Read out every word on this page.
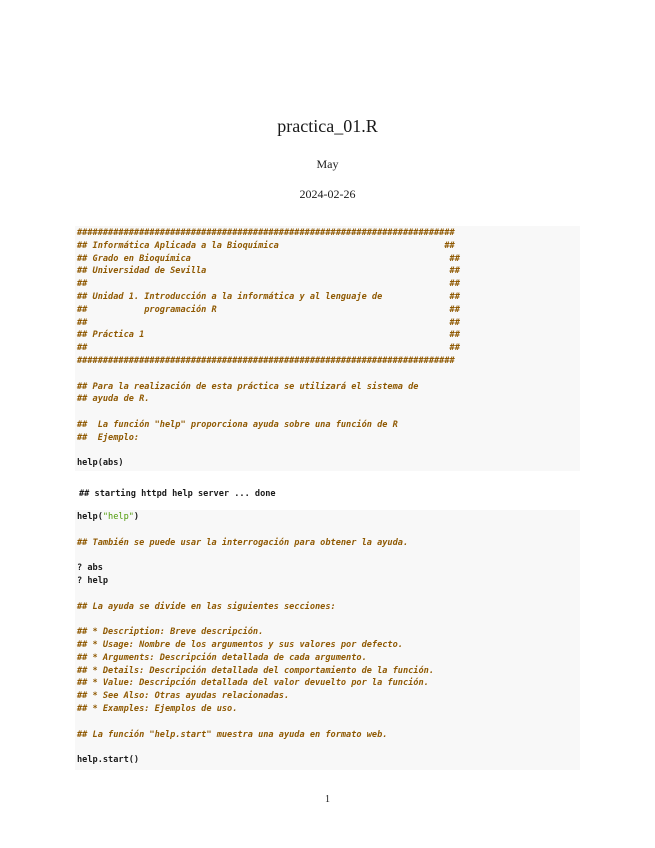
practica_01.R
May
2024-02-26
#########################################################################
## Informática Aplicada a la Bioquímica                                ##
## Grado en Bioquímica                                                  ##
## Universidad de Sevilla                                               ##
##                                                                      ##
## Unidad 1. Introducción a la informática y al lenguaje de             ##
##           programación R                                             ##
##                                                                      ##
## Práctica 1                                                           ##
##                                                                      ##
#########################################################################
## Para la realización de esta práctica se utilizará el sistema de
## ayuda de R.
##  La función "help" proporciona ayuda sobre una función de R
##  Ejemplo:
help(abs)
## starting httpd help server ... done
help("help")
## También se puede usar la interrogación para obtener la ayuda.
? abs
? help
## La ayuda se divide en las siguientes secciones:
## * Description: Breve descripción.
## * Usage: Nombre de los argumentos y sus valores por defecto.
## * Arguments: Descripción detallada de cada argumento.
## * Details: Descripción detallada del comportamiento de la función.
## * Value: Descripción detallada del valor devuelto por la función.
## * See Also: Otras ayudas relacionadas.
## * Examples: Ejemplos de uso.
## La función "help.start" muestra una ayuda en formato web.
help.start()
1
